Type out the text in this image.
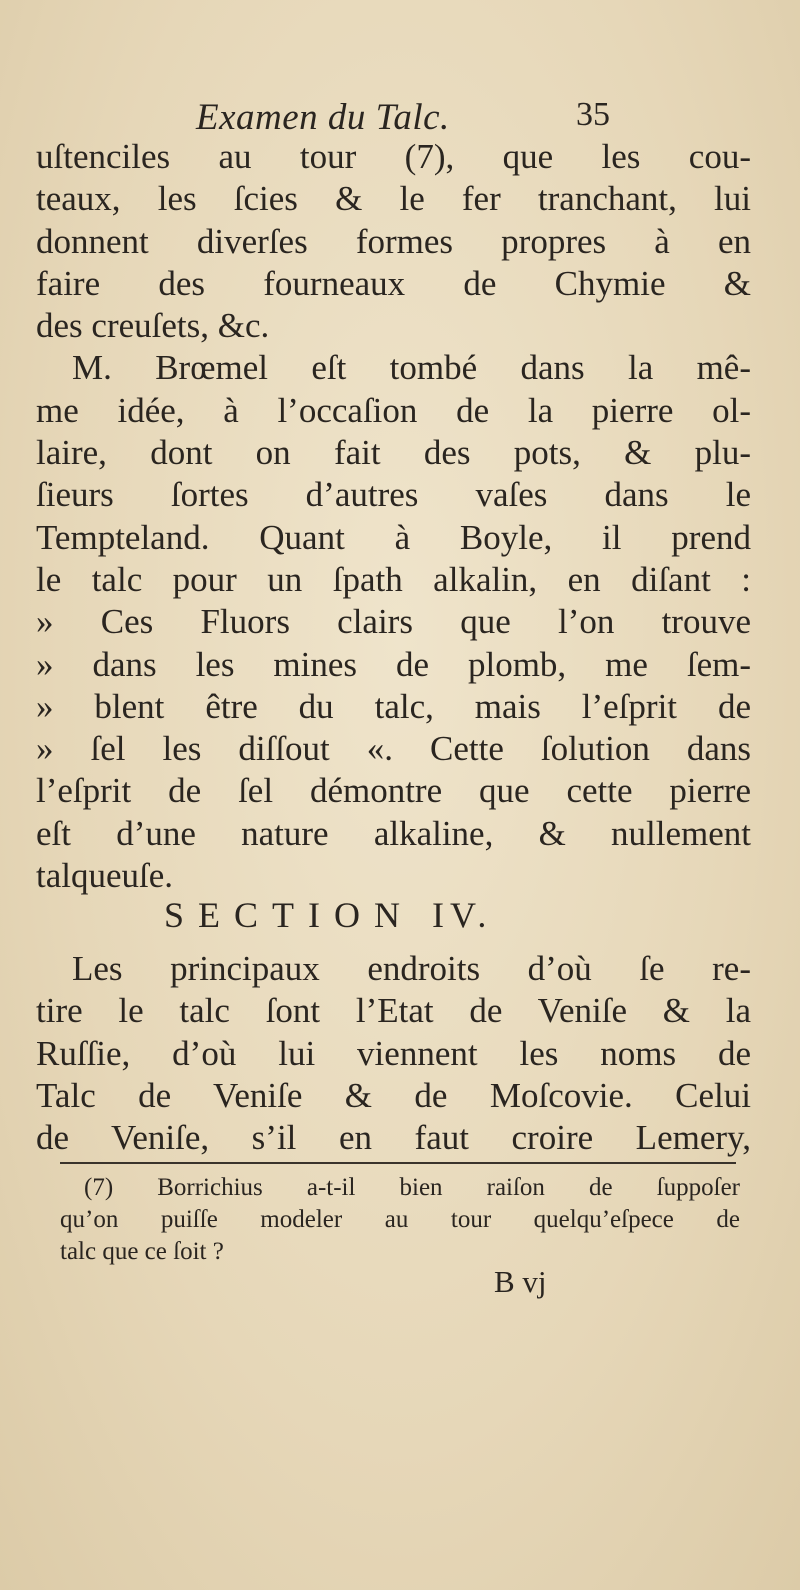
Examen du Talc.	35
uſtenciles au tour (7), que les cou-
teaux, les ſcies & le fer tranchant, lui
donnent diverſes formes propres à en
faire des fourneaux de Chymie &
des creuſets, &c.
M. Brœmel eſt tombé dans la mê-
me idée, à l’occaſion de la pierre ol-
laire, dont on fait des pots, & plu-
ſieurs ſortes d’autres vaſes dans le
Tempteland. Quant à Boyle, il prend
le talc pour un ſpath alkalin, en diſant :
» Ces Fluors clairs que l’on trouve
» dans les mines de plomb, me ſem-
» blent être du talc, mais l’eſprit de
» ſel les diſſout «. Cette ſolution dans
l’eſprit de ſel démontre que cette pierre
eſt d’une nature alkaline, & nullement
talqueuſe.
SECTION IV.
Les principaux endroits d’où ſe re-
tire le talc ſont l’Etat de Veniſe & la
Ruſſie, d’où lui viennent les noms de
Talc de Veniſe & de Moſcovie. Celui
de Veniſe, s’il en faut croire Lemery,
(7) Borrichius a-t-il bien raiſon de ſuppoſer
qu’on puiſſe modeler au tour quelqu’eſpece de
talc que ce ſoit ?
B vj
